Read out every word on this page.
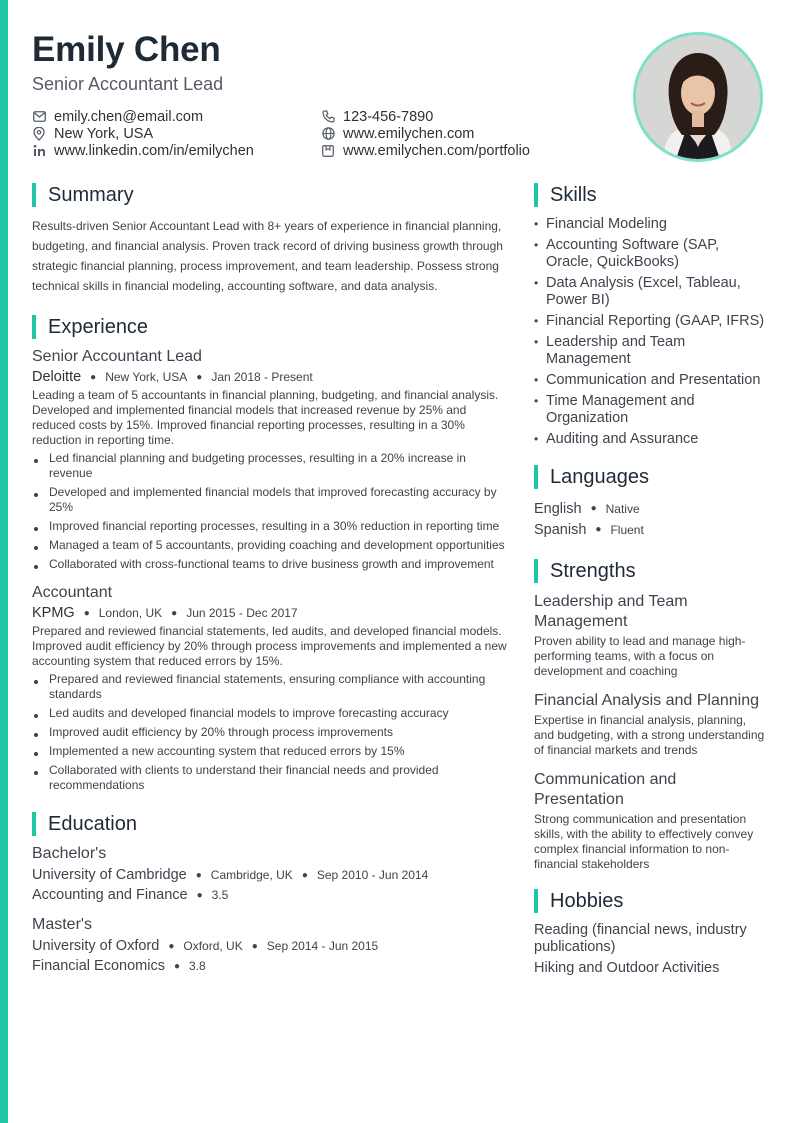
Emily Chen
Senior Accountant Lead
emily.chen@email.com	123-456-7890
New York, USA	www.emilychen.com
www.linkedin.com/in/emilychen	www.emilychen.com/portfolio
Summary

Results-driven Senior Accountant Lead with 8+ years of experience in financial planning, budgeting, and financial analysis. Proven track record of driving business growth through strategic financial planning, process improvement, and team leadership. Possess strong technical skills in financial modeling, accounting software, and data analysis.

Experience
Senior Accountant Lead
Deloitte ● New York, USA ● Jan 2018 - Present

Leading a team of 5 accountants in financial planning, budgeting, and financial analysis. Developed and implemented financial models that increased revenue by 25% and reduced costs by 15%. Improved financial reporting processes, resulting in a 30% reduction in reporting time.

Led financial planning and budgeting processes, resulting in a 20% increase in revenue
Developed and implemented financial models that improved forecasting accuracy by 25%
Improved financial reporting processes, resulting in a 30% reduction in reporting time
Managed a team of 5 accountants, providing coaching and development opportunities
Collaborated with cross-functional teams to drive business growth and improvement
Accountant
KPMG ● London, UK ● Jun 2015 - Dec 2017

Prepared and reviewed financial statements, led audits, and developed financial models. Improved audit efficiency by 20% through process improvements and implemented a new accounting system that reduced errors by 15%.

Prepared and reviewed financial statements, ensuring compliance with accounting standards
Led audits and developed financial models to improve forecasting accuracy
Improved audit efficiency by 20% through process improvements
Implemented a new accounting system that reduced errors by 15%
Collaborated with clients to understand their financial needs and provided recommendations
Education
Bachelor's
University of Cambridge ● Cambridge, UK ● Sep 2010 - Jun 2014
Accounting and Finance ● 3.5
Master's
University of Oxford ● Oxford, UK ● Sep 2014 - Jun 2015
Financial Economics ● 3.8
Skills
• Financial Modeling
• Accounting Software (SAP, Oracle, QuickBooks)
• Data Analysis (Excel, Tableau, Power BI)
• Financial Reporting (GAAP, IFRS)
• Leadership and Team Management
• Communication and Presentation
• Time Management and Organization
• Auditing and Assurance
Languages
English ● Native
Spanish ● Fluent
Strengths
Leadership and Team Management
Proven ability to lead and manage high-performing teams, with a focus on development and coaching
Financial Analysis and Planning
Expertise in financial analysis, planning, and budgeting, with a strong understanding of financial markets and trends
Communication and Presentation
Strong communication and presentation skills, with the ability to effectively convey complex financial information to non-financial stakeholders
Hobbies
Reading (financial news, industry publications)
Hiking and Outdoor Activities
